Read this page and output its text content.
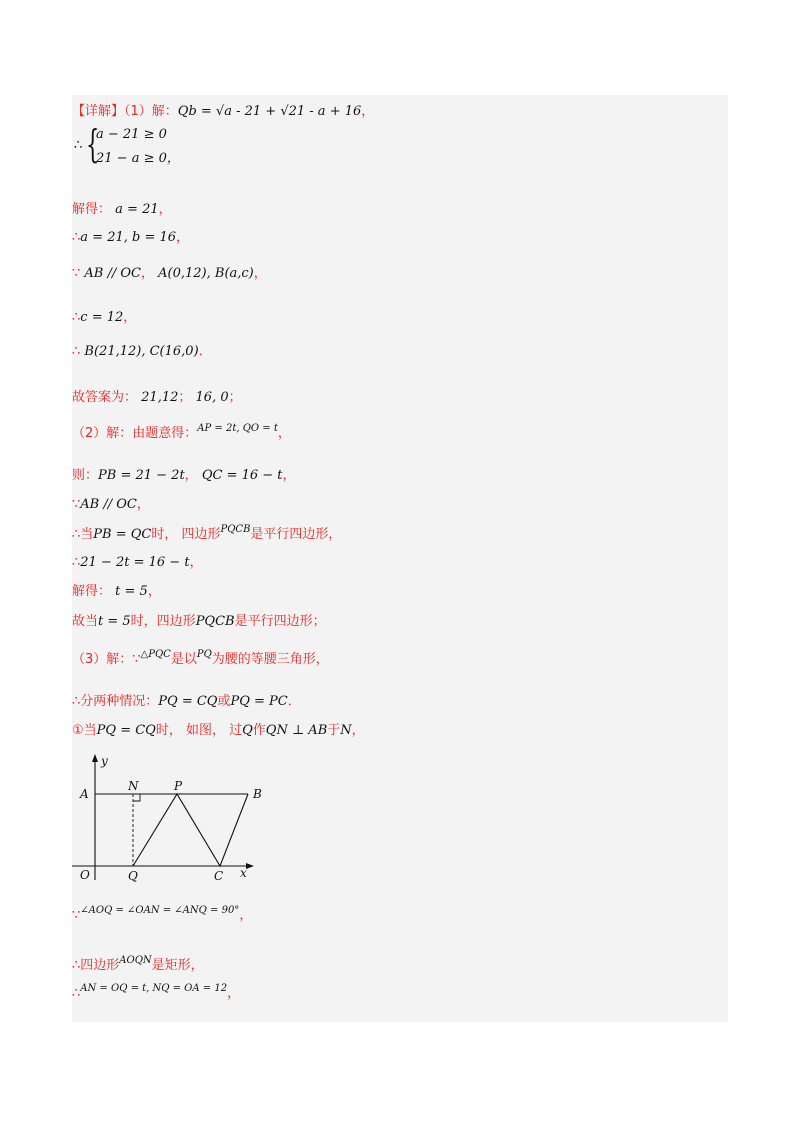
【详解】（1）解：Qb = √a - 21 + √21 - a + 16，
∴ {
a − 21 ≥ 0
21 − a ≥ 0，
解得： a = 21，
∴a = 21, b = 16，
∵ AB // OC， A(0,12), B(a,c)，
∴c = 12，
∴ B(21,12), C(16,0)．
故答案为： 21,12； 16, 0；
（2）解：由题意得：$^{AP = 2t, QO = t}$，
则：PB = 21 − 2t， QC = 16 − t，
∵AB // OC，
∴当PB = QC时， 四边形$^{PQCB}$是平行四边形，
∴21 − 2t = 16 − t，
解得： t = 5，
故当t = 5时，四边形PQCB是平行四边形；
（3）解：∵$^{\triangle PQC}$是以$^{PQ}$为腰的等腰三角形，
∴分两种情况：PQ = CQ或PQ = PC．
①当PQ = CQ时， 如图， 过Q作QN ⊥ AB于N，
y
A
N	P
B
O	Q	C x
∵$^{\angle AOQ = \angle OAN = \angle ANQ = 90^\circ}$，
∴四边形$^{AOQN}$是矩形，
∴$^{AN = OQ = t, NQ = OA = 12}$，
